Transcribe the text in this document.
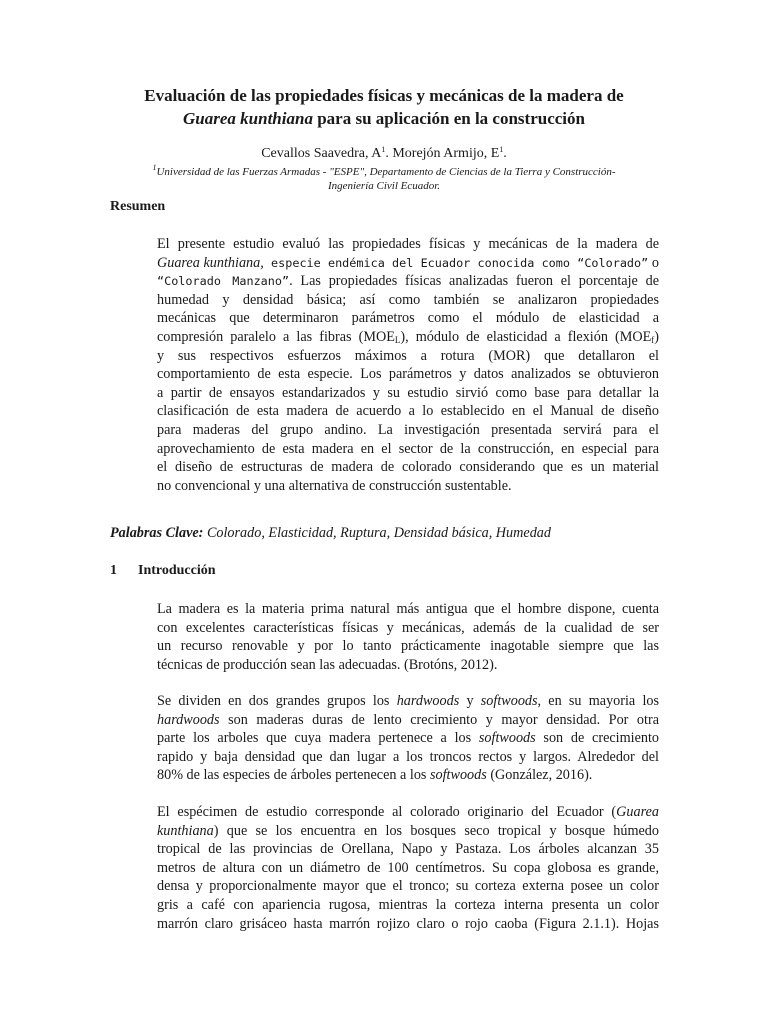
Evaluación de las propiedades físicas y mecánicas de la madera de
Guarea kunthiana para su aplicación en la construcción
Cevallos Saavedra, $A^1$. Morejón Armijo, $E^1$.
$^1$Universidad de las Fuerzas Armadas - "ESPE", Departamento de Ciencias de la Tierra y Construcción-
Ingeniería Civil Ecuador.
Resumen
El presente estudio evaluó las propiedades físicas y mecánicas de la madera de
Guarea kunthiana, especie endémica del Ecuador conocida como “Colorado” o
“Colorado Manzano”. Las propiedades físicas analizadas fueron el porcentaje de
humedad y densidad básica; así como también se analizaron propiedades
mecánicas que determinaron parámetros como el módulo de elasticidad a
compresión paralelo a las fibras $(MOE_L)$, módulo de elasticidad a flexión $(MOE_f)$
y sus respectivos esfuerzos máximos a rotura (MOR) que detallaron el
comportamiento de esta especie. Los parámetros y datos analizados se obtuvieron
a partir de ensayos estandarizados y su estudio sirvió como base para detallar la
clasificación de esta madera de acuerdo a lo establecido en el Manual de diseño
para maderas del grupo andino. La investigación presentada servirá para el
aprovechamiento de esta madera en el sector de la construcción, en especial para
el diseño de estructuras de madera de colorado considerando que es un material
no convencional y una alternativa de construcción sustentable.
Palabras Clave: Colorado, Elasticidad, Ruptura, Densidad básica, Humedad
1 Introducción
La madera es la materia prima natural más antigua que el hombre dispone, cuenta
con excelentes características físicas y mecánicas, además de la cualidad de ser
un recurso renovable y por lo tanto prácticamente inagotable siempre que las
técnicas de producción sean las adecuadas. (Brotóns, 2012).
Se dividen en dos grandes grupos los hardwoods y softwoods, en su mayoria los
hardwoods son maderas duras de lento crecimiento y mayor densidad. Por otra
parte los arboles que cuya madera pertenece a los softwoods son de crecimiento
rapido y baja densidad que dan lugar a los troncos rectos y largos. Alrededor del
80% de las especies de árboles pertenecen a los softwoods (González, 2016).
El espécimen de estudio corresponde al colorado originario del Ecuador (Guarea
kunthiana) que se los encuentra en los bosques seco tropical y bosque húmedo
tropical de las provincias de Orellana, Napo y Pastaza. Los árboles alcanzan 35
metros de altura con un diámetro de 100 centímetros. Su copa globosa es grande,
densa y proporcionalmente mayor que el tronco; su corteza externa posee un color
gris a café con apariencia rugosa, mientras la corteza interna presenta un color
marrón claro grisáceo hasta marrón rojizo claro o rojo caoba (Figura 2.1.1). Hojas
